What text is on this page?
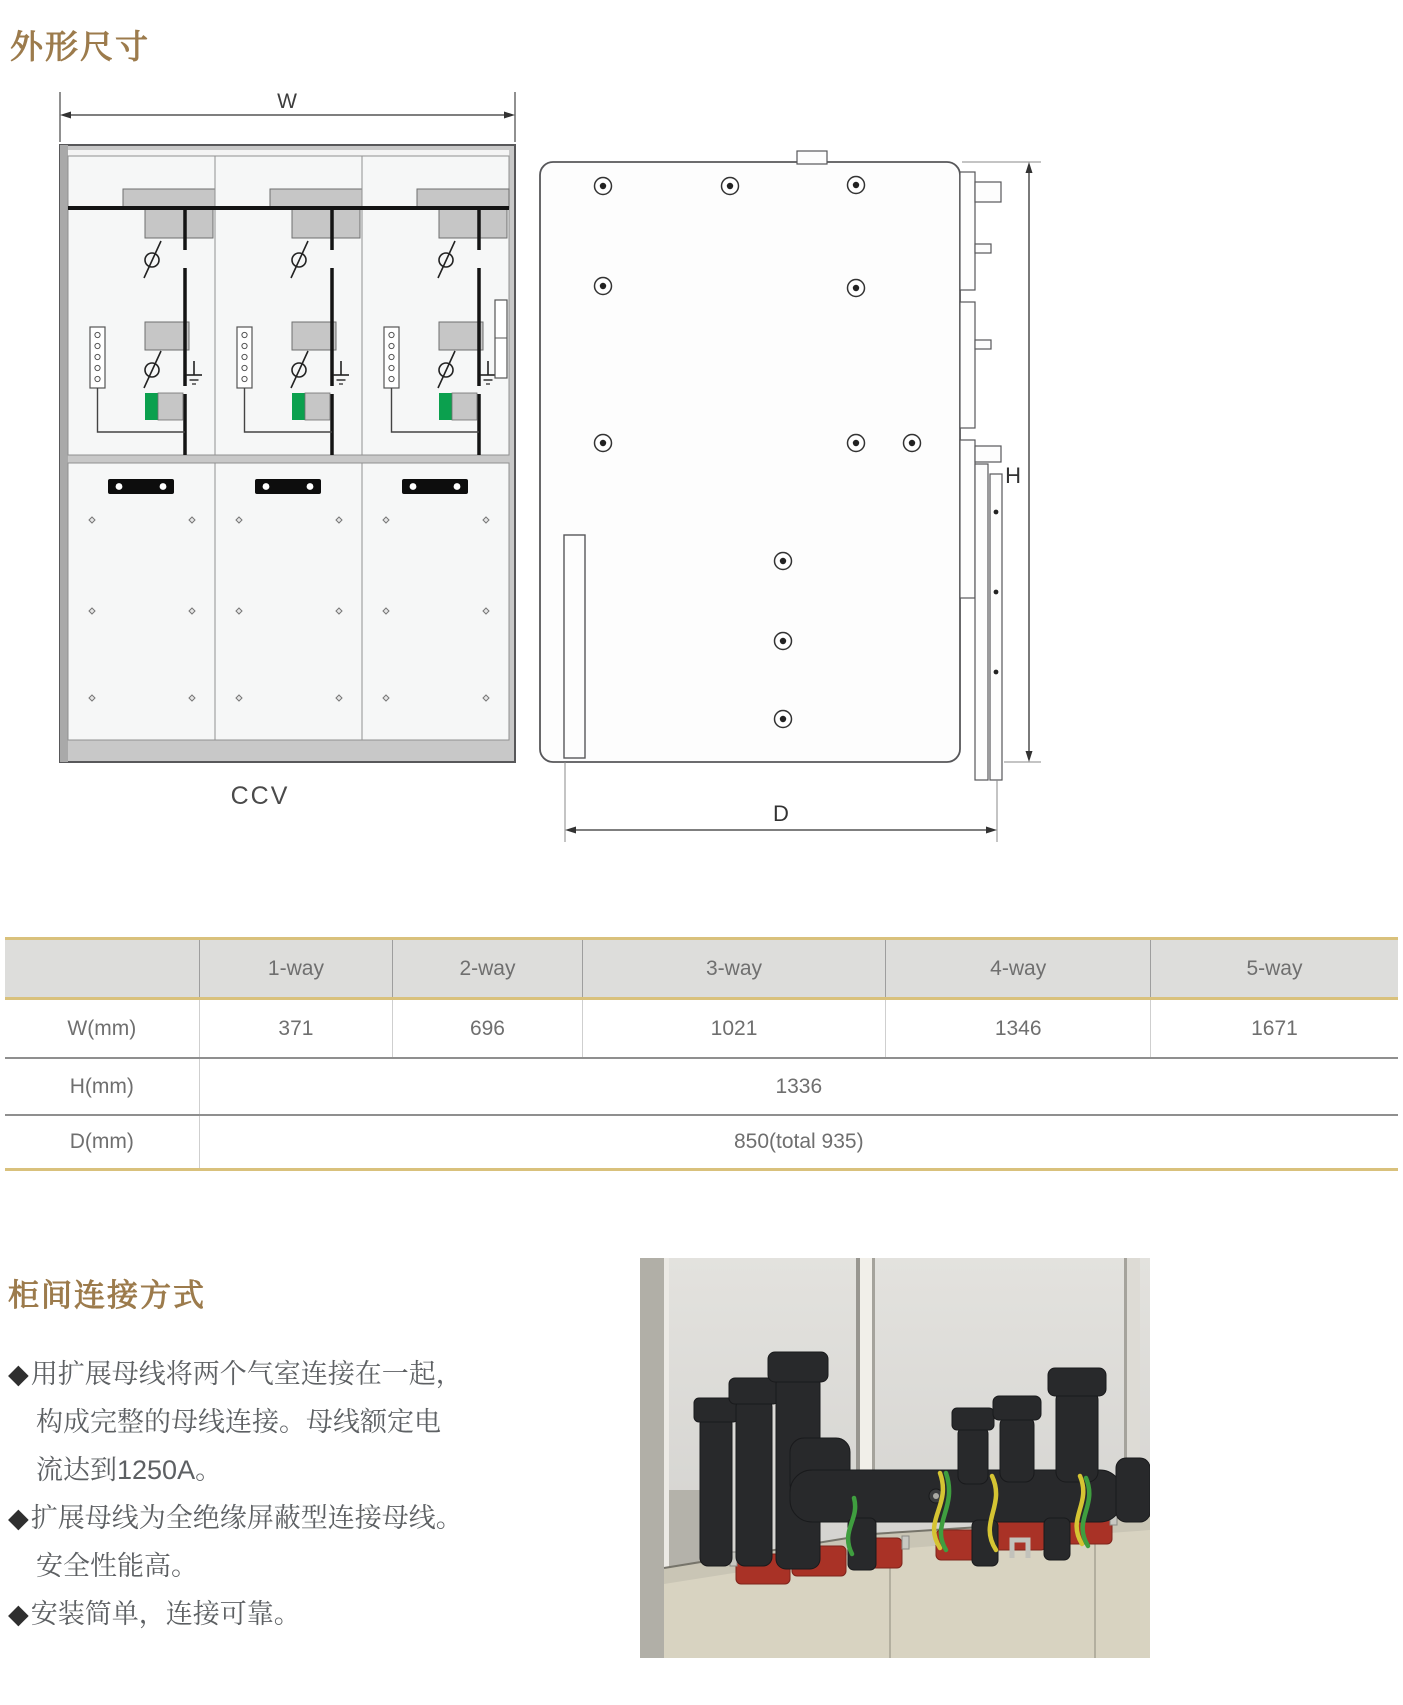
外形尺寸
W
CCV
H
D
1-way	2-way	3-way	4-way	5-way
W(mm)	371	696	1021	1346	1671
H(mm)	1336
D(mm)	850(total 935)
柜间连接方式
◆用扩展母线将两个气室连接在一起，
构成完整的母线连接。母线额定电
流达到1250A。
◆扩展母线为全绝缘屏蔽型连接母线。
安全性能高。
◆安装简单，连接可靠。
